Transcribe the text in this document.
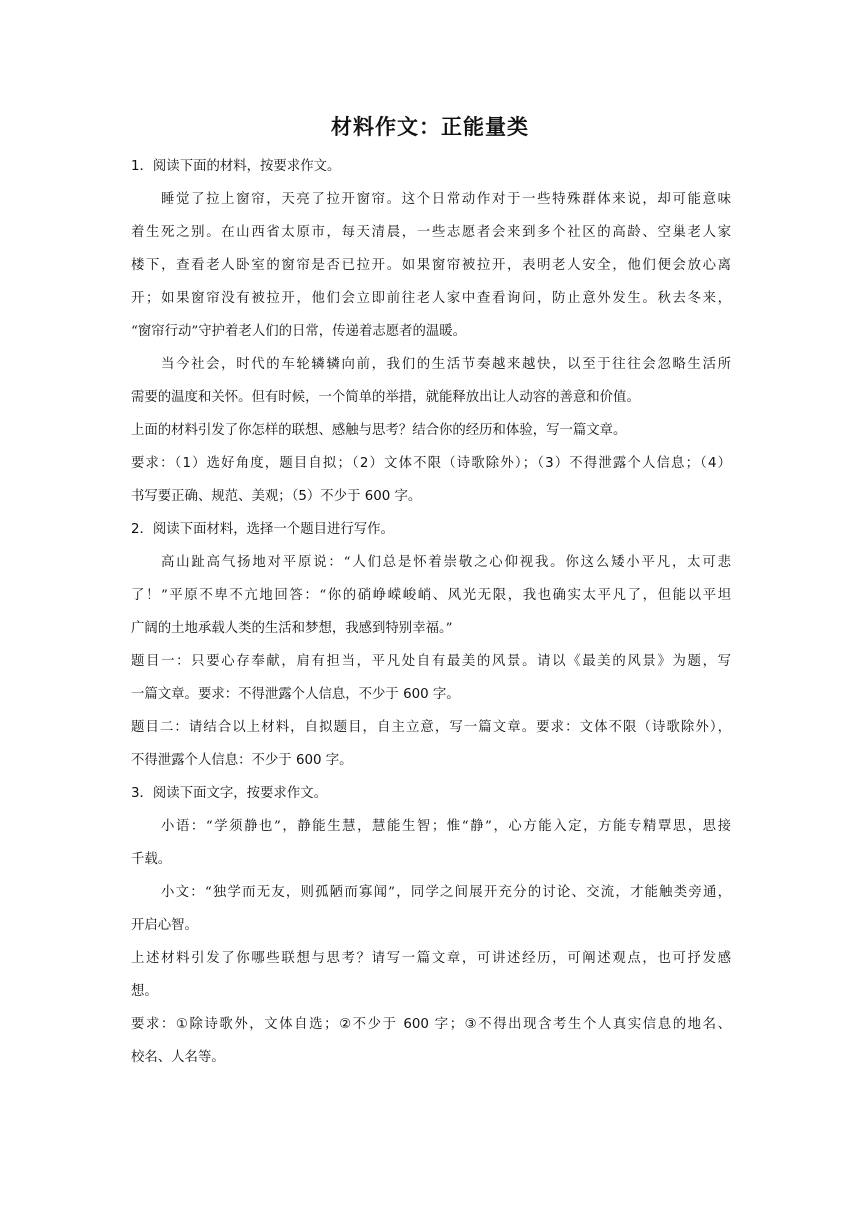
材料作文：正能量类
1．阅读下面的材料，按要求作文。
睡觉了拉上窗帘，天亮了拉开窗帘。这个日常动作对于一些特殊群体来说，却可能意味
着生死之别。在山西省太原市，每天清晨，一些志愿者会来到多个社区的高龄、空巢老人家
楼下，查看老人卧室的窗帘是否已拉开。如果窗帘被拉开，表明老人安全，他们便会放心离
开；如果窗帘没有被拉开，他们会立即前往老人家中查看询问，防止意外发生。秋去冬来，
“窗帘行动”守护着老人们的日常，传递着志愿者的温暖。
当今社会，时代的车轮辚辚向前，我们的生活节奏越来越快，以至于往往会忽略生活所
需要的温度和关怀。但有时候，一个简单的举措，就能释放出让人动容的善意和价值。
上面的材料引发了你怎样的联想、感触与思考？结合你的经历和体验，写一篇文章。
要求：（1）选好角度，题目自拟；（2）文体不限（诗歌除外）；（3）不得泄露个人信息；（4）
书写要正确、规范、美观；（5）不少于 600 字。
2．阅读下面材料，选择一个题目进行写作。
高山趾高气扬地对平原说：“人们总是怀着崇敬之心仰视我。你这么矮小平凡，太可悲
了！”平原不卑不亢地回答：“你的硝峥嵘峻峭、风光无限，我也确实太平凡了，但能以平坦
广阔的土地承载人类的生活和梦想，我感到特别幸福。”
题目一：只要心存奉献，肩有担当，平凡处自有最美的风景。请以《最美的风景》为题，写
一篇文章。要求：不得泄露个人信息，不少于 600 字。
题目二：请结合以上材料，自拟题目，自主立意，写一篇文章。要求：文体不限（诗歌除外），
不得泄露个人信息：不少于 600 字。
3．阅读下面文字，按要求作文。
小语：“学须静也”，静能生慧，慧能生智；惟“静”，心方能入定，方能专精覃思，思接
千载。
小文：“独学而无友，则孤陋而寡闻”，同学之间展开充分的讨论、交流，才能触类旁通，
开启心智。
上述材料引发了你哪些联想与思考？请写一篇文章，可讲述经历，可阐述观点，也可抒发感
想。
要求：①除诗歌外，文体自选；②不少于 600 字；③不得出现含考生个人真实信息的地名、
校名、人名等。
